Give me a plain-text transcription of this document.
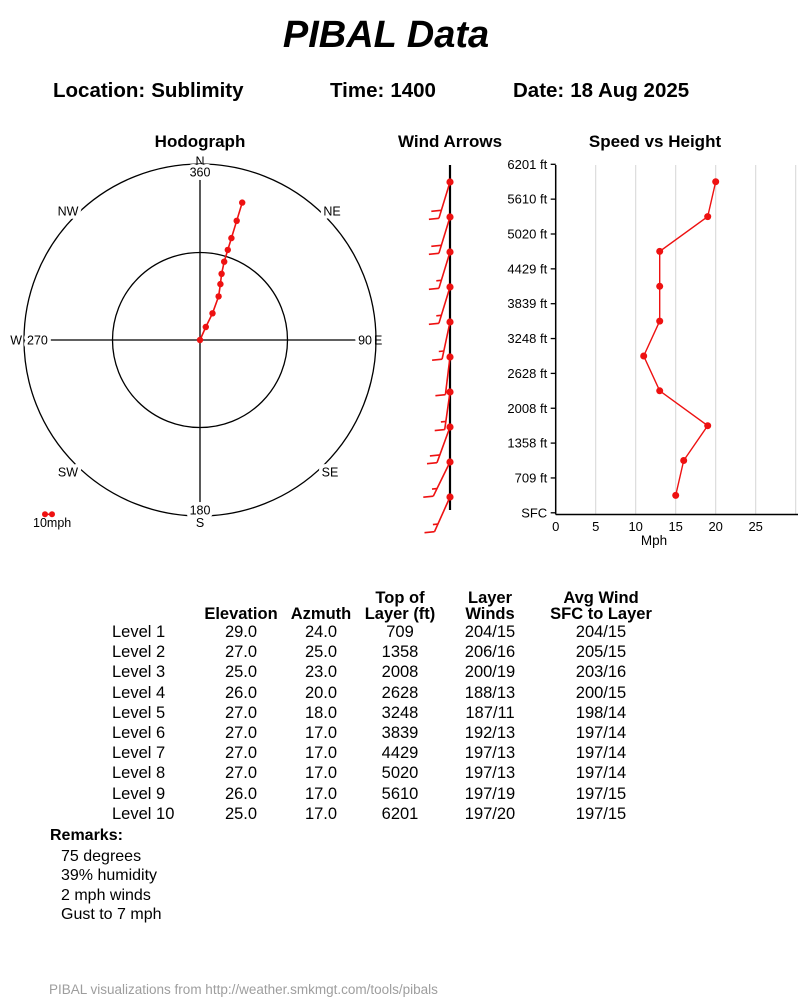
PIBAL Data
Location: Sublimity	Time: 1400	Date: 18 Aug 2025
Hodograph	Wind Arrows	Speed vs Height
N
360
NW	NE
W 270	90 E
SW	SE
180
S
10mph
6201 ft
5610 ft
5020 ft
4429 ft
3839 ft
3248 ft
2628 ft
2008 ft
1358 ft
709 ft
SFC
0	5 10 15 20 25
Mph

Elevation	Azmuth

Top of
Layer (ft)

Layer
Winds

Avg Wind
SFC to Layer

Level 1	29.0	24.0	709	204/15	204/15
Level 2	27.0	25.0	1358	206/16	205/15
Level 3	25.0	23.0	2008	200/19	203/16
Level 4	26.0	20.0	2628	188/13	200/15
Level 5	27.0	18.0	3248	187/11	198/14
Level 6	27.0	17.0	3839	192/13	197/14
Level 7	27.0	17.0	4429	197/13	197/14
Level 8	27.0	17.0	5020	197/13	197/14
Level 9	26.0	17.0	5610	197/19	197/15
Level 10	25.0	17.0	6201	197/20	197/15
Remarks:
75 degrees
39% humidity
2 mph winds
Gust to 7 mph
PIBAL visualizations from http://weather.smkmgt.com/tools/pibals
